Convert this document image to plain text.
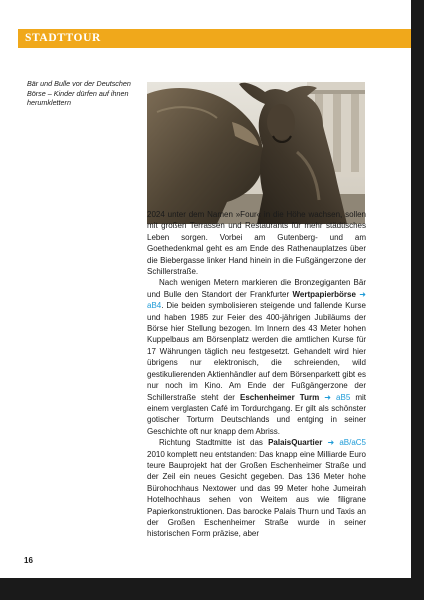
STADTTOUR
Bär und Bulle vor der Deutschen Börse – Kinder dürfen auf ihnen herumklettern

2024 unter dem Namen »Four« in die Höhe wachsen, sollen mit großen Terrassen und Restaurants für mehr städtisches Leben sorgen. Vorbei am Gutenberg- und am Goethedenkmal geht es am Ende des Rathenauplatzes über die Biebergasse linker Hand hinein in die Fußgängerzone der Schillerstraße.

Nach wenigen Metern markieren die Bronzegiganten Bär und Bulle den Standort der Frankfurter Wertpapierbörse ➜ aB4. Die beiden symbolisieren steigende und fallende Kurse und haben 1985 zur Feier des 400-jährigen Jubiläums der Börse hier Stellung bezogen. Im Innern des 43 Meter hohen Kuppelbaus am Börsenplatz werden die amtlichen Kurse für 17 Währungen täglich neu festgesetzt. Gehandelt wird hier übrigens nur elektronisch, die schreienden, wild gestikulierenden Aktienhändler auf dem Börsenparkett gibt es nur noch im Kino. Am Ende der Fußgängerzone der Schillerstraße steht der Eschenheimer Turm ➜ aB5 mit einem verglasten Café im Tordurchgang. Er gilt als schönster gotischer Torturm Deutschlands und entging in seiner Geschichte oft nur knapp dem Abriss.

Richtung Stadtmitte ist das PalaisQuartier ➜ aB/aC5 2010 komplett neu entstanden: Das knapp eine Milliarde Euro teure Bauprojekt hat der Großen Eschenheimer Straße und der Zeil ein neues Gesicht gegeben. Das 136 Meter hohe Bürohochhaus Nextower und das 99 Meter hohe Jumeirah Hotelhochhaus sehen von Weitem aus wie filigrane Papierkonstruktionen. Das barocke Palais Thurn und Taxis an der Großen Eschenheimer Straße wurde in seiner historischen Form präzise, aber

16
